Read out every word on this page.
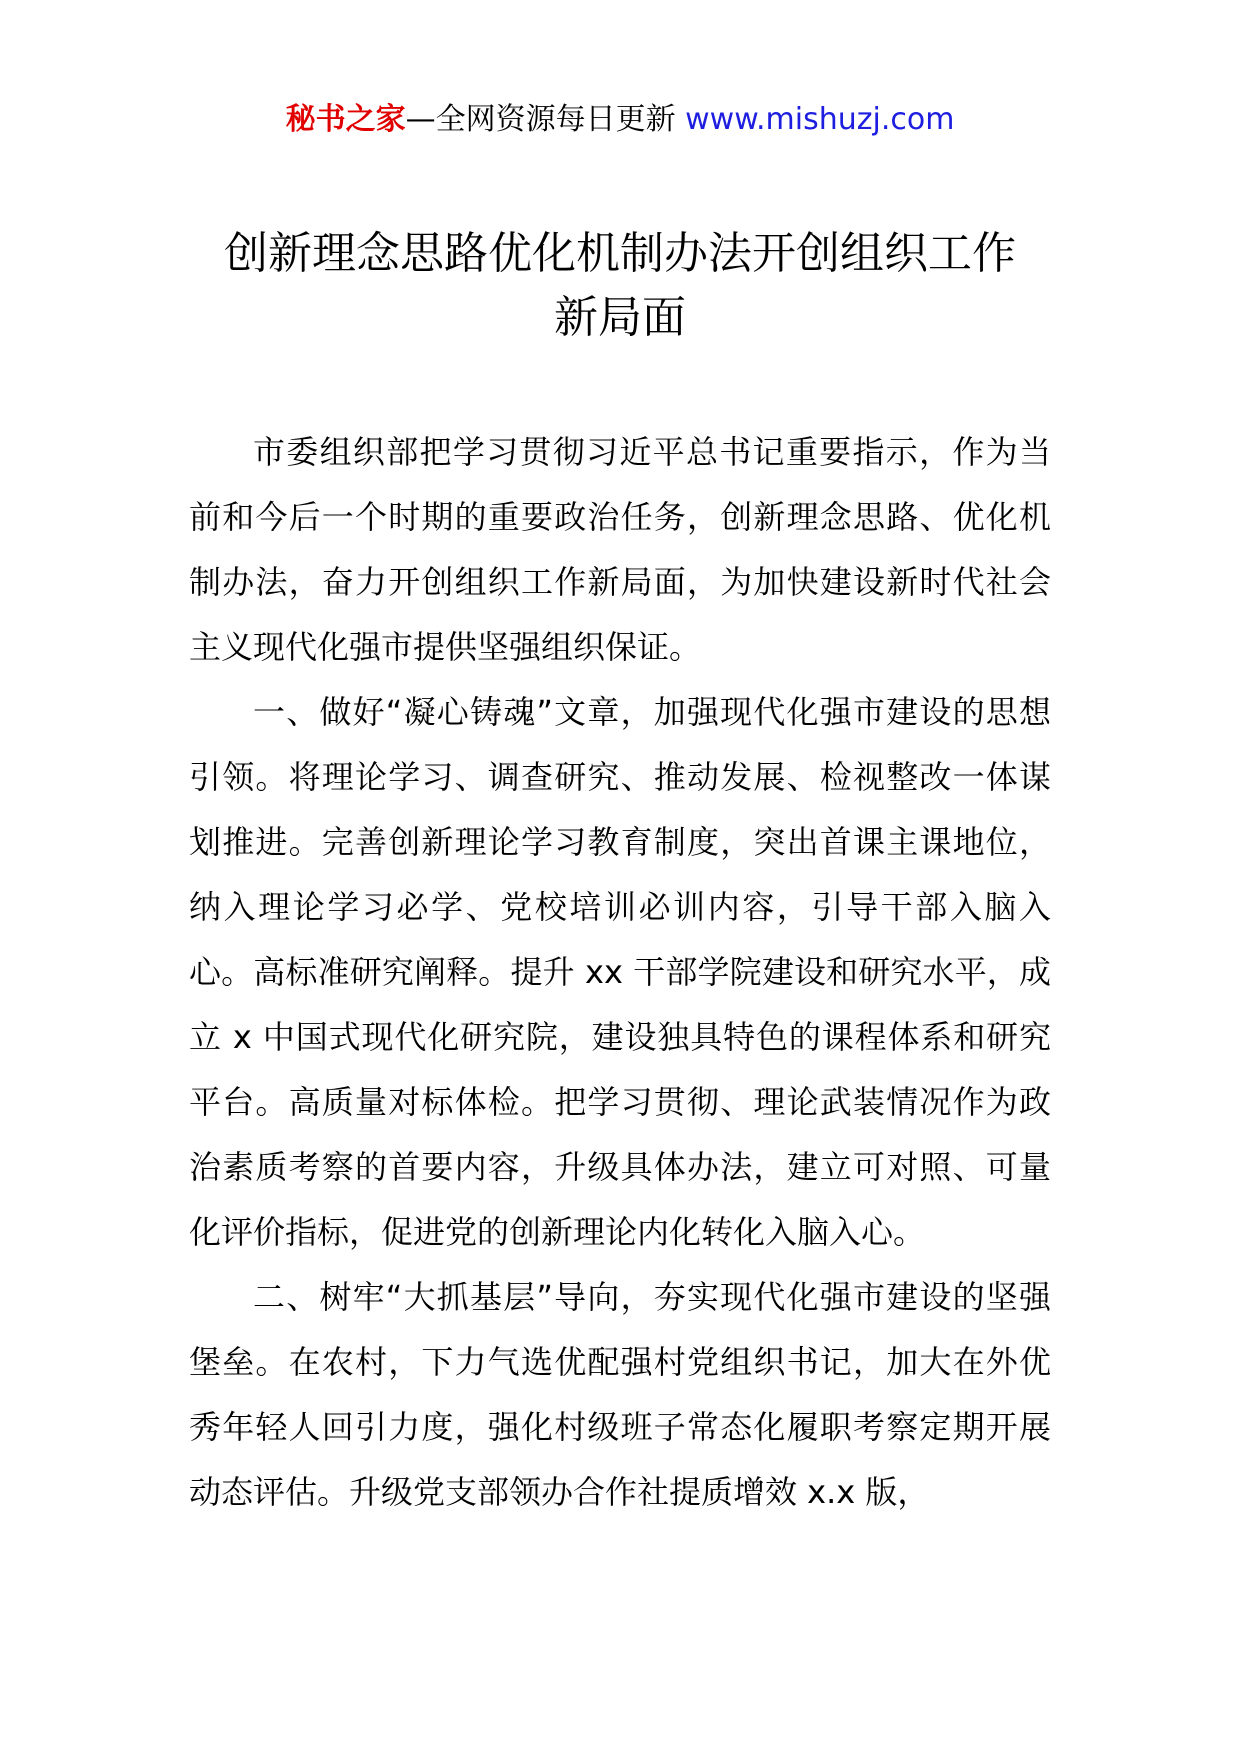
秘书之家—全网资源每日更新 www.mishuzj.com
创新理念思路优化机制办法开创组织工作
新局面

市委组织部把学习贯彻习近平总书记重要指示，作为当前和今后一个时期的重要政治任务，创新理念思路、优化机制办法，奋力开创组织工作新局面，为加快建设新时代社会主义现代化强市提供坚强组织保证。

一、做好“凝心铸魂”文章，加强现代化强市建设的思想引领。将理论学习、调查研究、推动发展、检视整改一体谋划推进。完善创新理论学习教育制度，突出首课主课地位，纳入理论学习必学、党校培训必训内容，引导干部入脑入心。高标准研究阐释。提升 xx 干部学院建设和研究水平，成立 x 中国式现代化研究院，建设独具特色的课程体系和研究平台。高质量对标体检。把学习贯彻、理论武装情况作为政治素质考察的首要内容，升级具体办法，建立可对照、可量化评价指标，促进党的创新理论内化转化入脑入心。

二、树牢“大抓基层”导向，夯实现代化强市建设的坚强堡垒。在农村，下力气选优配强村党组织书记，加大在外优秀年轻人回引力度，强化村级班子常态化履职考察定期开展动态评估。升级党支部领办合作社提质增效 x.x 版，
